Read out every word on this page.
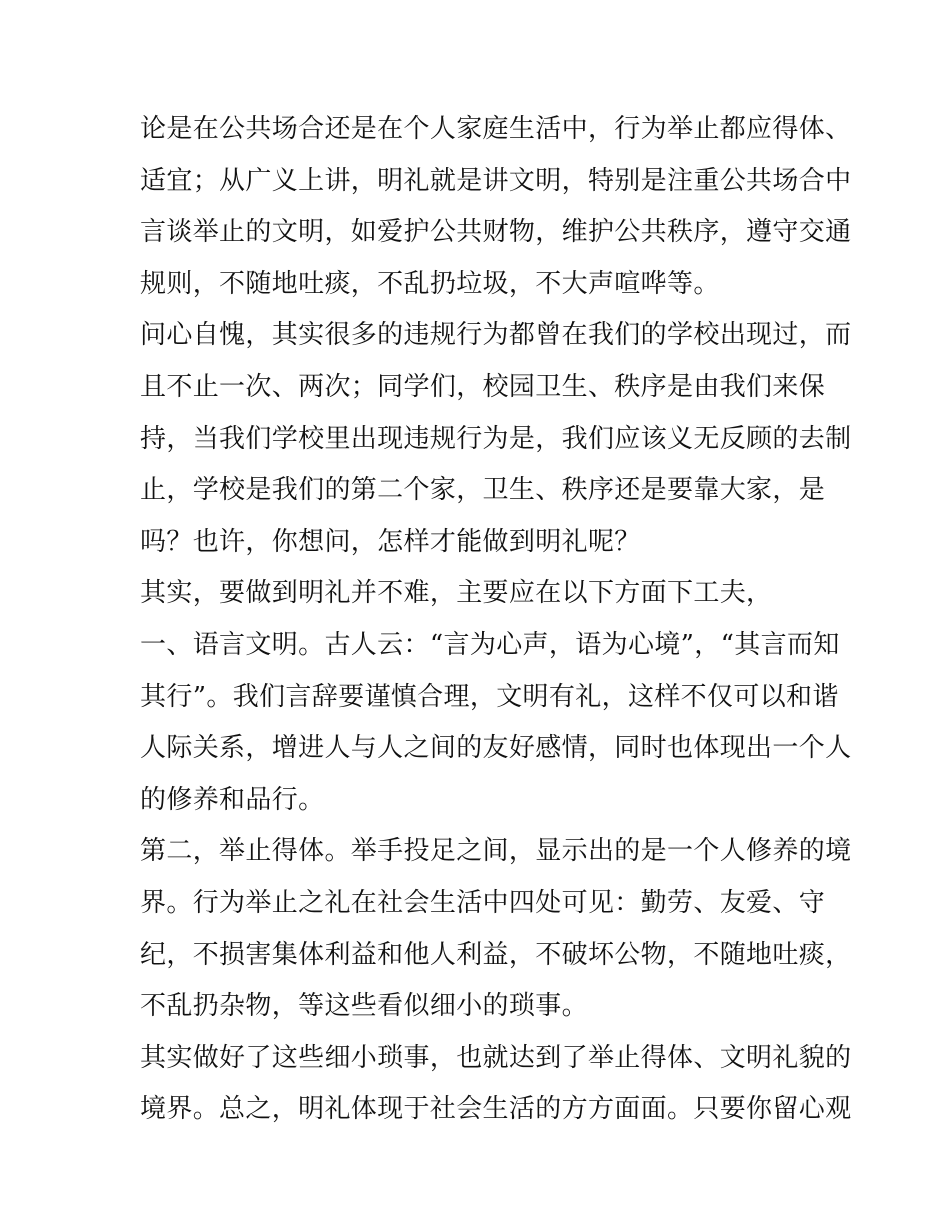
论是在公共场合还是在个人家庭生活中，行为举止都应得体、
适宜；从广义上讲，明礼就是讲文明，特别是注重公共场合中
言谈举止的文明，如爱护公共财物，维护公共秩序，遵守交通
规则，不随地吐痰，不乱扔垃圾，不大声喧哗等。
问心自愧，其实很多的违规行为都曾在我们的学校出现过，而
且不止一次、两次；同学们，校园卫生、秩序是由我们来保
持，当我们学校里出现违规行为是，我们应该义无反顾的去制
止，学校是我们的第二个家，卫生、秩序还是要靠大家，是
吗？也许，你想问，怎样才能做到明礼呢？
其实，要做到明礼并不难，主要应在以下方面下工夫，
一、语言文明。古人云：“言为心声，语为心境”，“其言而知
其行”。我们言辞要谨慎合理，文明有礼，这样不仅可以和谐
人际关系，增进人与人之间的友好感情，同时也体现出一个人
的修养和品行。
第二，举止得体。举手投足之间，显示出的是一个人修养的境
界。行为举止之礼在社会生活中四处可见：勤劳、友爱、守
纪，不损害集体利益和他人利益，不破坏公物，不随地吐痰，
不乱扔杂物，等这些看似细小的琐事。
其实做好了这些细小琐事，也就达到了举止得体、文明礼貌的
境界。总之，明礼体现于社会生活的方方面面。只要你留心观
